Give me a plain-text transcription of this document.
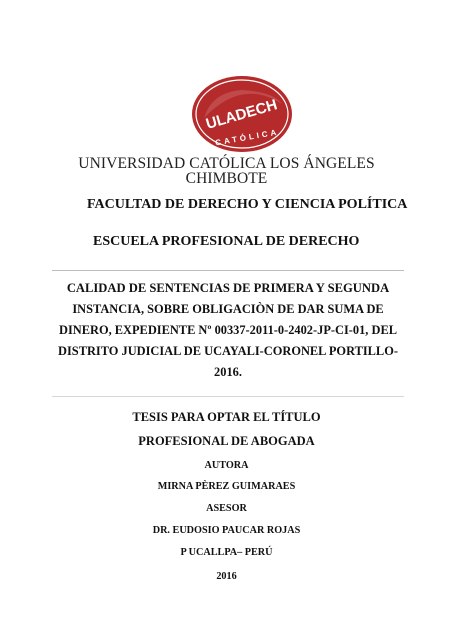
ULADECH
CATÓLICA
UNIVERSIDAD CATÓLICA LOS ÁNGELES
CHIMBOTE
FACULTAD DE DERECHO Y CIENCIA POLÍTICA
ESCUELA PROFESIONAL DE DERECHO
CALIDAD DE SENTENCIAS DE PRIMERA Y SEGUNDA
INSTANCIA, SOBRE OBLIGACIÒN DE DAR SUMA DE
DINERO, EXPEDIENTE Nº 00337-2011-0-2402-JP-CI-01, DEL
DISTRITO JUDICIAL DE UCAYALI-CORONEL PORTILLO-
2016.
TESIS PARA OPTAR EL TÍTULO
PROFESIONAL DE ABOGADA
AUTORA
MIRNA PÈREZ GUIMARAES
ASESOR
DR. EUDOSIO PAUCAR ROJAS
P UCALLPA– PERÚ
2016
